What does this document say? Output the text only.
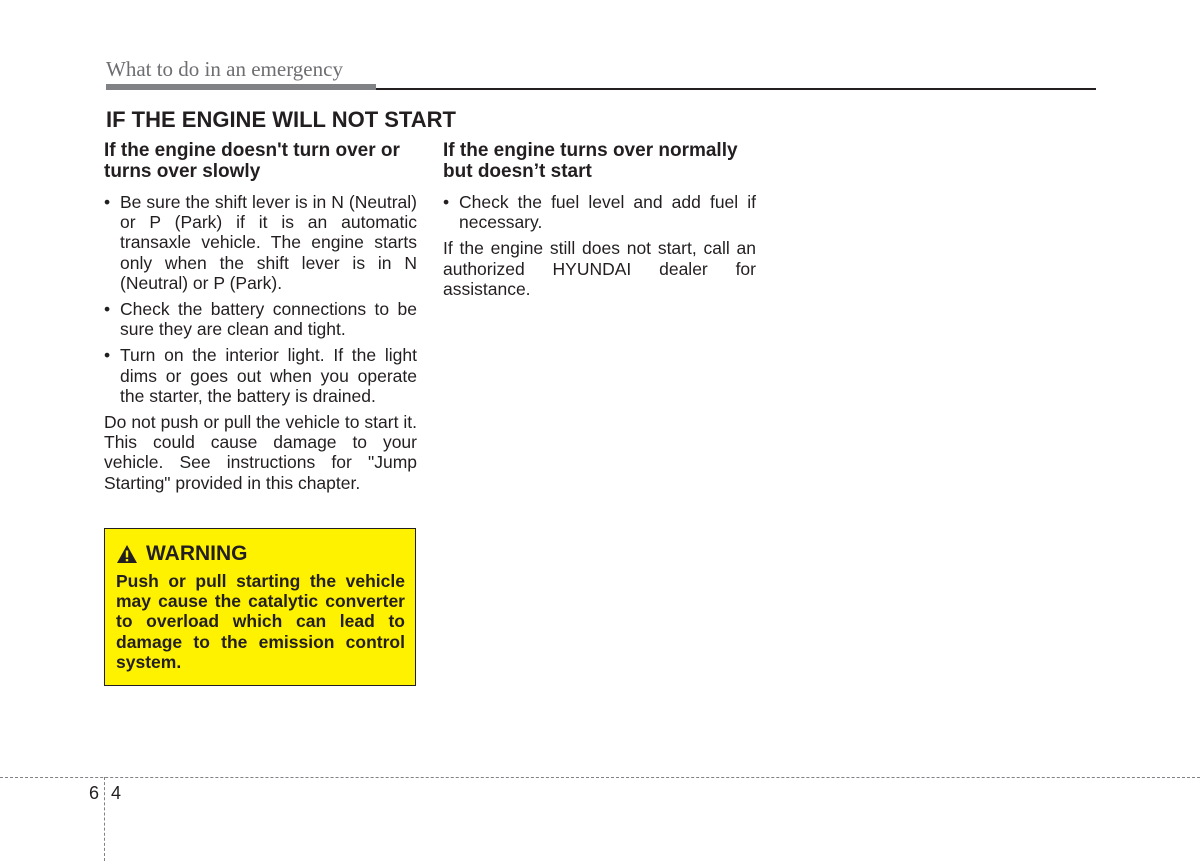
What to do in an emergency
IF THE ENGINE WILL NOT START
If the engine doesn't turn over or turns over slowly
• Be sure the shift lever is in N (Neutral) or P (Park) if it is an automatic transaxle vehicle. The engine starts only when the shift lever is in N (Neutral) or P (Park).
• Check the battery connections to be sure they are clean and tight.
• Turn on the interior light. If the light dims or goes out when you operate the starter, the battery is drained.

Do not push or pull the vehicle to start it. This could cause damage to your vehicle. See instructions for "Jump Starting" provided in this chapter.

WARNING
Push or pull starting the vehicle may cause the catalytic converter to overload which can lead to damage to the emission control system.
If the engine turns over normally but doesn’t start
• Check the fuel level and add fuel if necessary.

If the engine still does not start, call an authorized HYUNDAI dealer for assistance.

6 4
